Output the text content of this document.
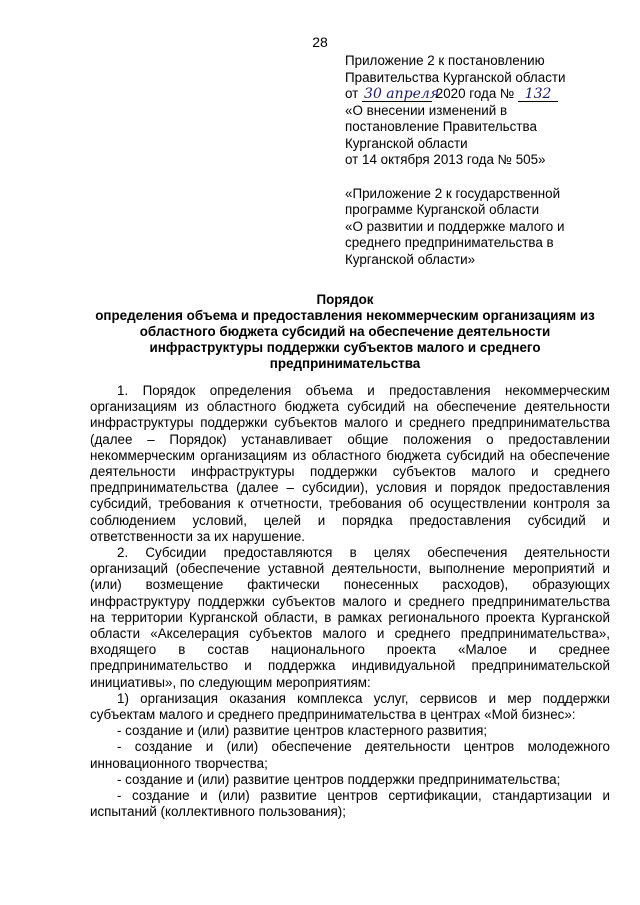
28
Приложение 2 к постановлению
Правительства Курганской области
от 30 апреля 2020 года № 132
«О внесении изменений в
постановление Правительства
Курганской области
от 14 октября 2013 года № 505»
«Приложение 2 к государственной
программе Курганской области
«О развитии и поддержке малого и
среднего предпринимательства в
Курганской области»
Порядок
определения объема и предоставления некоммерческим организациям из
областного бюджета субсидий на обеспечение деятельности
инфраструктуры поддержки субъектов малого и среднего
предпринимательства
1. Порядок определения объема и предоставления некоммерческим
организациям из областного бюджета субсидий на обеспечение деятельности
инфраструктуры поддержки субъектов малого и среднего предпринимательства
(далее – Порядок) устанавливает общие положения о предоставлении
некоммерческим организациям из областного бюджета субсидий на обеспечение
деятельности инфраструктуры поддержки субъектов малого и среднего
предпринимательства (далее – субсидии), условия и порядок предоставления
субсидий, требования к отчетности, требования об осуществлении контроля за
соблюдением условий, целей и порядка предоставления субсидий и
ответственности за их нарушение.
2. Субсидии предоставляются в целях обеспечения деятельности
организаций (обеспечение уставной деятельности, выполнение мероприятий и
(или) возмещение фактически понесенных расходов), образующих
инфраструктуру поддержки субъектов малого и среднего предпринимательства
на территории Курганской области, в рамках регионального проекта Курганской
области «Акселерация субъектов малого и среднего предпринимательства»,
входящего в состав национального проекта «Малое и среднее
предпринимательство и поддержка индивидуальной предпринимательской
инициативы», по следующим мероприятиям:
1) организация оказания комплекса услуг, сервисов и мер поддержки
субъектам малого и среднего предпринимательства в центрах «Мой бизнес»:
- создание и (или) развитие центров кластерного развития;
- создание и (или) обеспечение деятельности центров молодежного
инновационного творчества;
- создание и (или) развитие центров поддержки предпринимательства;
- создание и (или) развитие центров сертификации, стандартизации и
испытаний (коллективного пользования);
